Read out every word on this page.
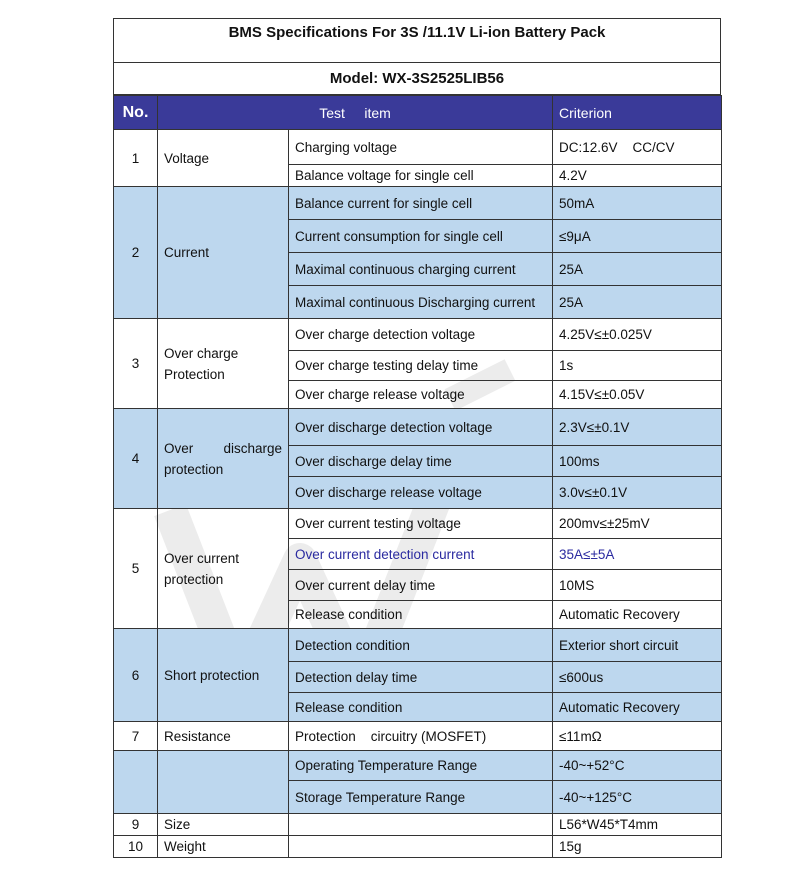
BMS Specifications For 3S /11.1V Li-ion Battery Pack
Model: WX-3S2525LIB56
No.	Test     item		Criterion
1	Voltage	Charging voltage	DC:12.6V    CC/CV
		Balance voltage for single cell	4.2V
2	Current	Balance current for single cell	50mA
		Current consumption for single cell	≤9μA
		Maximal continuous charging current	25A
		Maximal continuous Discharging current	25A
3	Over charge Protection	Over charge detection voltage	4.25V≤±0.025V
		Over charge testing delay time	1s
		Over charge release voltage	4.15V≤±0.05V
4	Over       discharge protection	Over discharge detection voltage	2.3V≤±0.1V
		Over discharge delay time	100ms
		Over discharge release voltage	3.0v≤±0.1V
5	Over current protection	Over current testing voltage	200mv≤±25mV
		Over current detection current	35A≤±5A
		Over current delay time	10MS
		Release condition	Automatic Recovery
6	Short protection	Detection condition	Exterior short circuit
		Detection delay time	≤600us
		Release condition	Automatic Recovery
7	Resistance	Protection    circuitry (MOSFET)	≤11mΩ
		Operating Temperature Range	-40~+52°C
		Storage Temperature Range	-40~+125°C
9	Size		L56*W45*T4mm
10	Weight		15g
